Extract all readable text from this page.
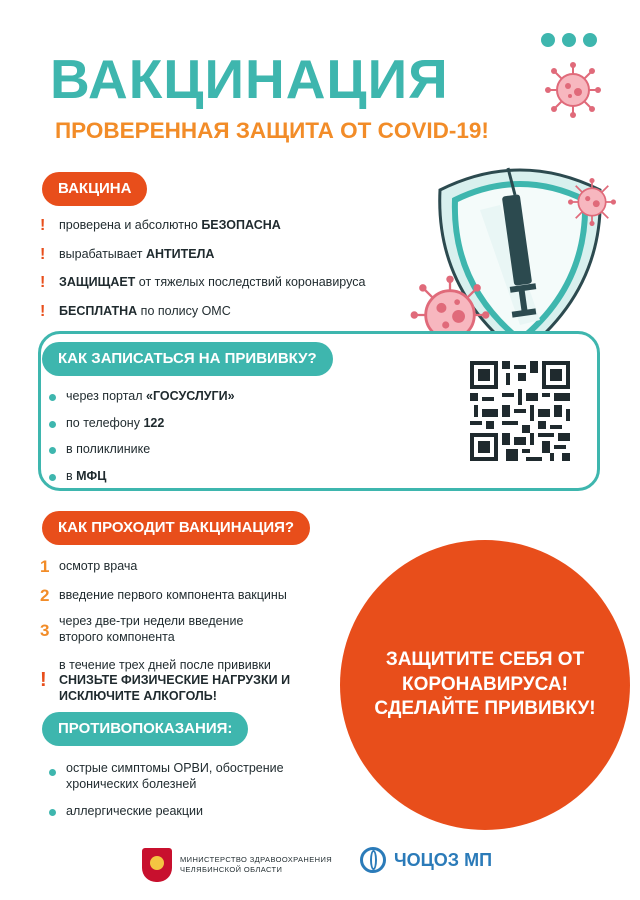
ВАКЦИНАЦИЯ
ПРОВЕРЕННАЯ ЗАЩИТА ОТ COVID-19!
ВАКЦИНА
! проверена и абсолютно БЕЗОПАСНА
! вырабатывает АНТИТЕЛА
! ЗАЩИЩАЕТ от тяжелых последствий коронавируса
! БЕСПЛАТНА по полису ОМС
КАК ЗАПИСАТЬСЯ НА ПРИВИВКУ?
через портал «ГОСУСЛУГИ»
по телефону 122
в поликлинике
в МФЦ
КАК ПРОХОДИТ ВАКЦИНАЦИЯ?
1 осмотр врача
2 введение первого компонента вакцины
3 через две-три недели введение второго компонента
!
в течение трех дней после прививки
СНИЗЬТЕ ФИЗИЧЕСКИЕ НАГРУЗКИ И ИСКЛЮЧИТЕ АЛКОГОЛЬ!
ПРОТИВОПОКАЗАНИЯ:
острые симптомы ОРВИ, обострение хронических болезней
аллергические реакции
ЗАЩИТИТЕ СЕБЯ ОТ КОРОНАВИРУСА! СДЕЛАЙТЕ ПРИВИВКУ!
МИНИСТЕРСТВО ЗДРАВООХРАНЕНИЯ
ЧЕЛЯБИНСКОЙ ОБЛАСТИ	ЧОЦОЗ МП
